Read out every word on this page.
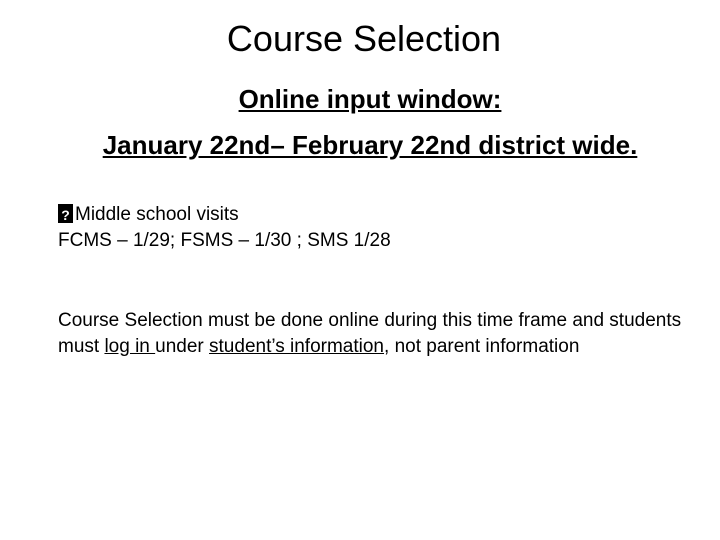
Course Selection
Online input window:
January 22nd– February 22nd district wide.
?Middle school visits
FCMS – 1/29; FSMS – 1/30 ; SMS 1/28
Course Selection must be done online during this time frame and students must log in under student’s information, not parent information
